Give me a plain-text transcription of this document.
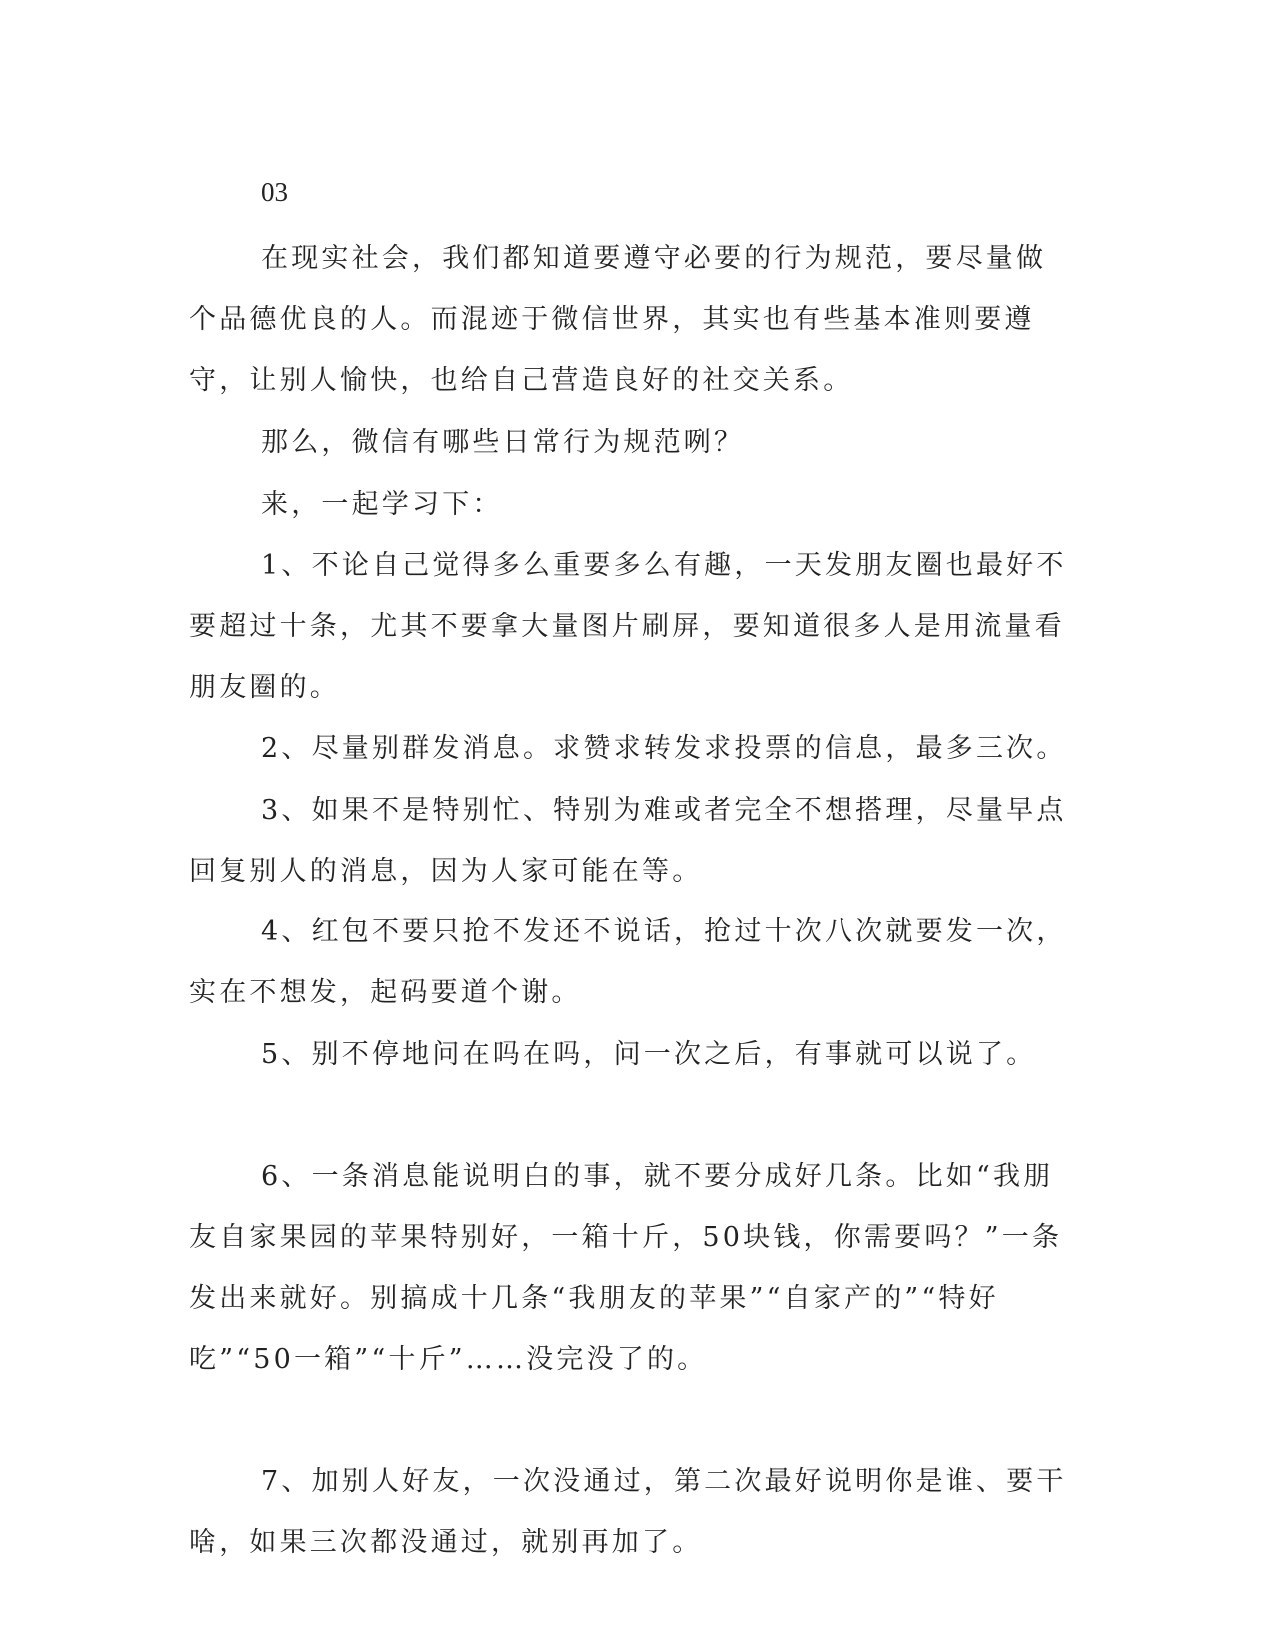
03

在现实社会，我们都知道要遵守必要的行为规范，要尽量做个品德优良的人。而混迹于微信世界，其实也有些基本准则要遵守，让别人愉快，也给自己营造良好的社交关系。

那么，微信有哪些日常行为规范咧？

来，一起学习下：

1、不论自己觉得多么重要多么有趣，一天发朋友圈也最好不要超过十条，尤其不要拿大量图片刷屏，要知道很多人是用流量看朋友圈的。

2、尽量别群发消息。求赞求转发求投票的信息，最多三次。

3、如果不是特别忙、特别为难或者完全不想搭理，尽量早点回复别人的消息，因为人家可能在等。

4、红包不要只抢不发还不说话，抢过十次八次就要发一次，实在不想发，起码要道个谢。

5、别不停地问在吗在吗，问一次之后，有事就可以说了。

6、一条消息能说明白的事，就不要分成好几条。比如“我朋友自家果园的苹果特别好，一箱十斤，50块钱，你需要吗？”一条发出来就好。别搞成十几条“我朋友的苹果”“自家产的”“特好吃”“50一箱”“十斤”……没完没了的。

7、加别人好友，一次没通过，第二次最好说明你是谁、要干啥，如果三次都没通过，就别再加了。
